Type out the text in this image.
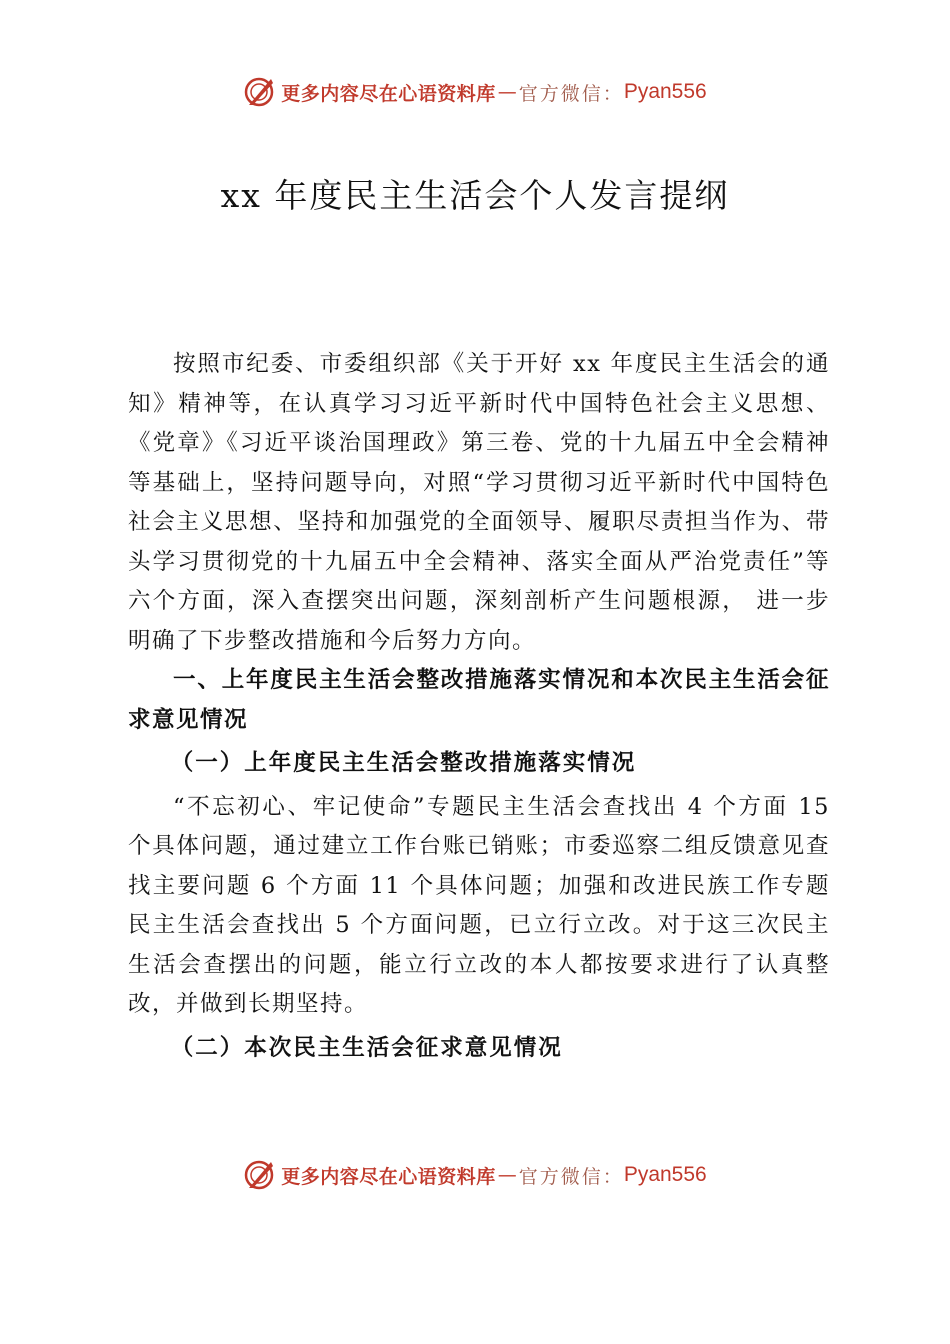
更多内容尽在心语资料库 — 官方微信： Pyan556
xx 年度民主生活会个人发言提纲

按照市纪委、市委组织部《关于开好 xx 年度民主生活会的通知》精神等，在认真学习习近平新时代中国特色社会主义思想、《党章》《习近平谈治国理政》第三卷、党的十九届五中全会精神等基础上，坚持问题导向，对照“学习贯彻习近平新时代中国特色社会主义思想、坚持和加强党的全面领导、履职尽责担当作为、带头学习贯彻党的十九届五中全会精神、落实全面从严治党责任”等六个方面，深入查摆突出问题，深刻剖析产生问题根源， 进一步明确了下步整改措施和今后努力方向。

一、上年度民主生活会整改措施落实情况和本次民主生活会征求意见情况

（一）上年度民主生活会整改措施落实情况

“不忘初心、牢记使命”专题民主生活会查找出 4 个方面 15 个具体问题，通过建立工作台账已销账；市委巡察二组反馈意见查找主要问题 6 个方面 11 个具体问题；加强和改进民族工作专题民主生活会查找出 5 个方面问题，已立行立改。对于这三次民主生活会查摆出的问题，能立行立改的本人都按要求进行了认真整改，并做到长期坚持。

（二）本次民主生活会征求意见情况

更多内容尽在心语资料库 — 官方微信： Pyan556
